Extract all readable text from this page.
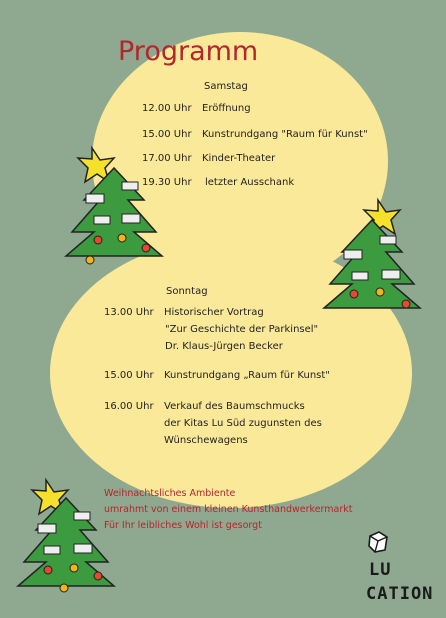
Programm
Samstag
12.00 Uhr Eröffnung
15.00 Uhr Kunstrundgang "Raum für Kunst"
17.00 Uhr Kinder-Theater
19.30 Uhr letzter Ausschank
Sonntag
13.00 Uhr Historischer Vortrag
"Zur Geschichte der Parkinsel"
Dr. Klaus-Jürgen Becker
15.00 Uhr Kunstrundgang „Raum für Kunst"
16.00 Uhr Verkauf des Baumschmucks
der Kitas Lu Süd zugunsten des
Wünschewagens
Weihnachtsliches Ambiente
umrahmt von einem kleinen Kunsthandwerkermarkt
Für Ihr leibliches Wohl ist gesorgt
LU
CATION
